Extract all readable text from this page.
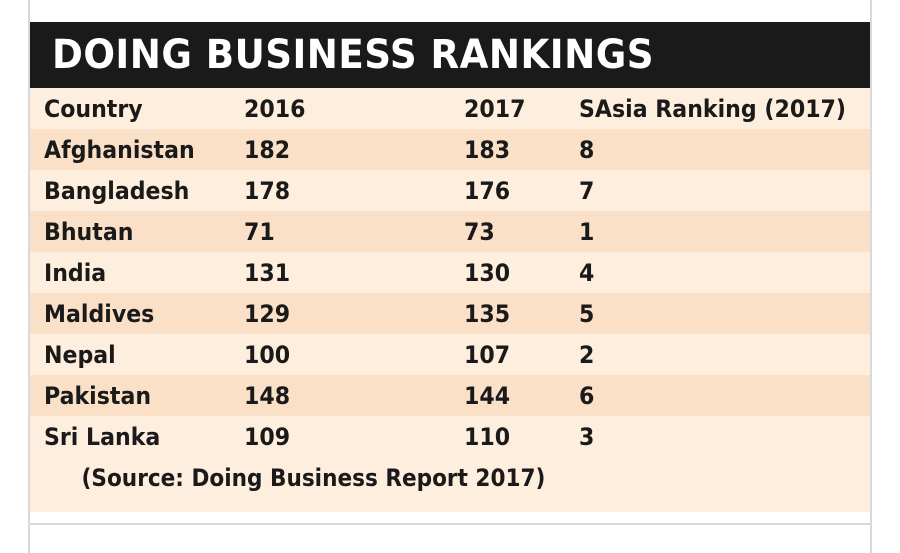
DOING BUSINESS RANKINGS
Country	2016	2017	SAsia Ranking (2017)

Afghanistan	182	183	8

Bangladesh	178	176	7

Bhutan	71	73	1

India	131	130	4

Maldives	129	135	5

Nepal	100	107	2

Pakistan	148	144	6

Sri Lanka	109	110	3

(Source: Doing Business Report 2017)			
